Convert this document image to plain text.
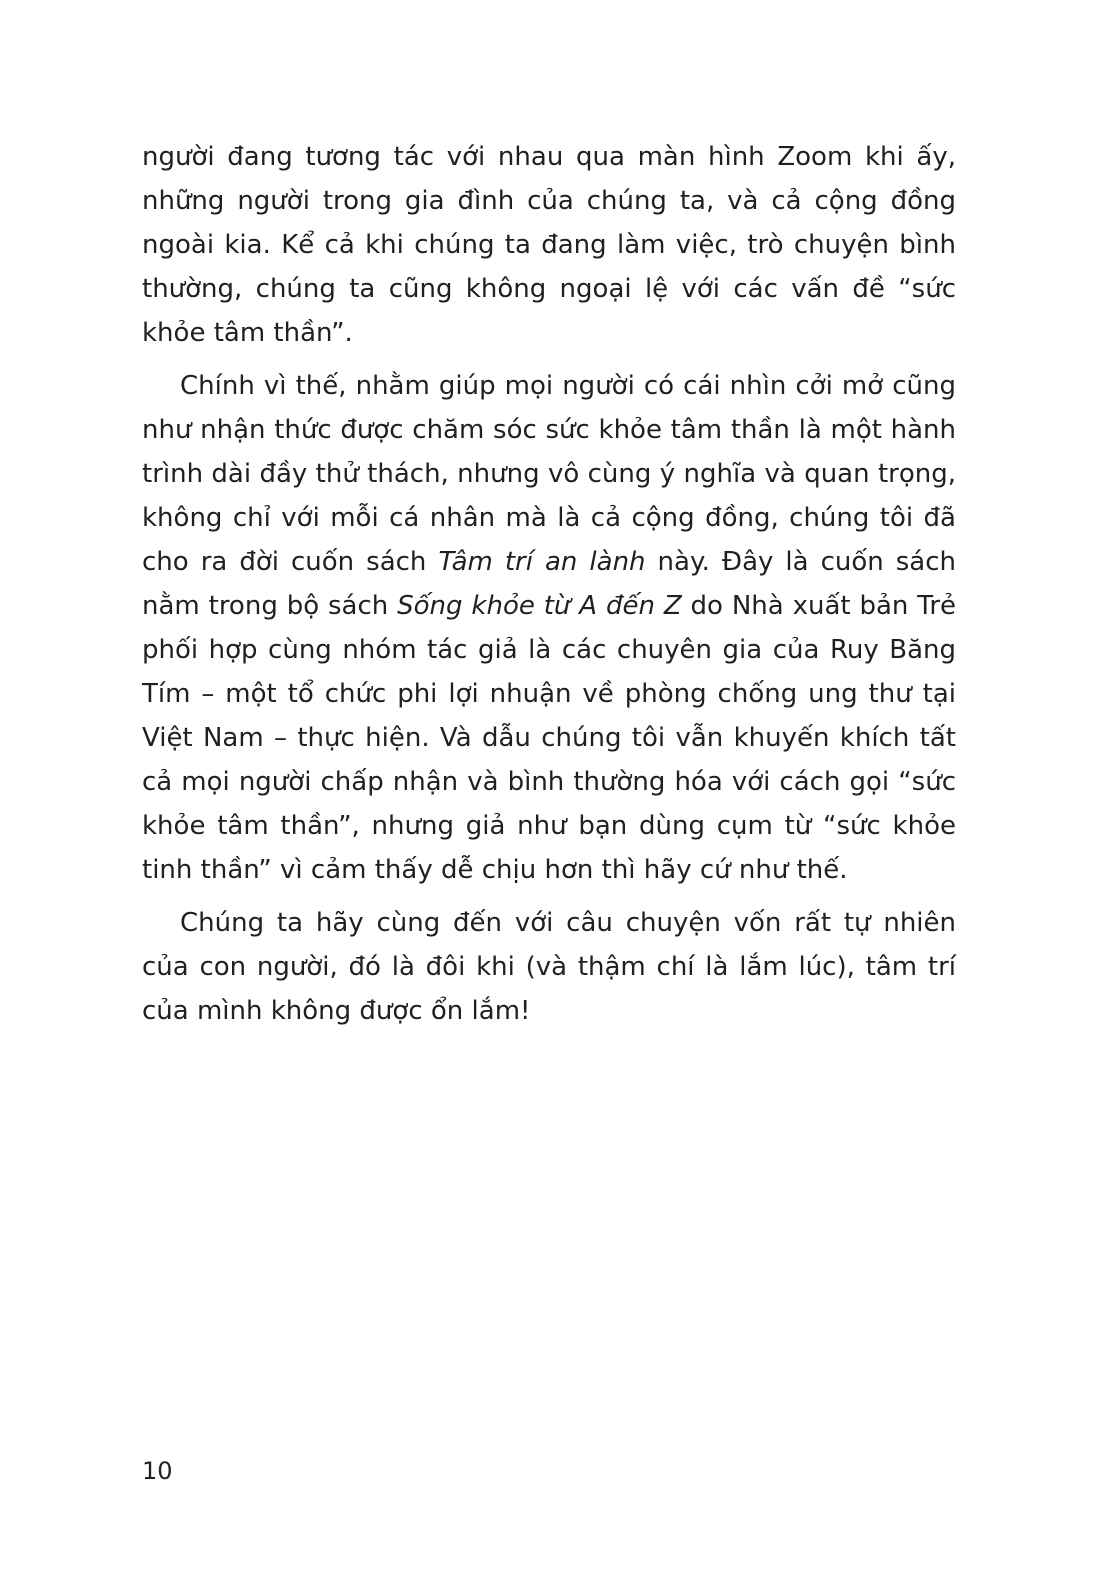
người đang tương tác với nhau qua màn hình Zoom khi ấy, những người trong gia đình của chúng ta, và cả cộng đồng ngoài kia. Kể cả khi chúng ta đang làm việc, trò chuyện bình thường, chúng ta cũng không ngoại lệ với các vấn đề “sức khỏe tâm thần”.

Chính vì thế, nhằm giúp mọi người có cái nhìn cởi mở cũng như nhận thức được chăm sóc sức khỏe tâm thần là một hành trình dài đầy thử thách, nhưng vô cùng ý nghĩa và quan trọng, không chỉ với mỗi cá nhân mà là cả cộng đồng, chúng tôi đã cho ra đời cuốn sách Tâm trí an lành này. Đây là cuốn sách nằm trong bộ sách Sống khỏe từ A đến Z do Nhà xuất bản Trẻ phối hợp cùng nhóm tác giả là các chuyên gia của Ruy Băng Tím – một tổ chức phi lợi nhuận về phòng chống ung thư tại Việt Nam – thực hiện. Và dẫu chúng tôi vẫn khuyến khích tất cả mọi người chấp nhận và bình thường hóa với cách gọi “sức khỏe tâm thần”, nhưng giả như bạn dùng cụm từ “sức khỏe tinh thần” vì cảm thấy dễ chịu hơn thì hãy cứ như thế.

Chúng ta hãy cùng đến với câu chuyện vốn rất tự nhiên của con người, đó là đôi khi (và thậm chí là lắm lúc), tâm trí của mình không được ổn lắm!

10
